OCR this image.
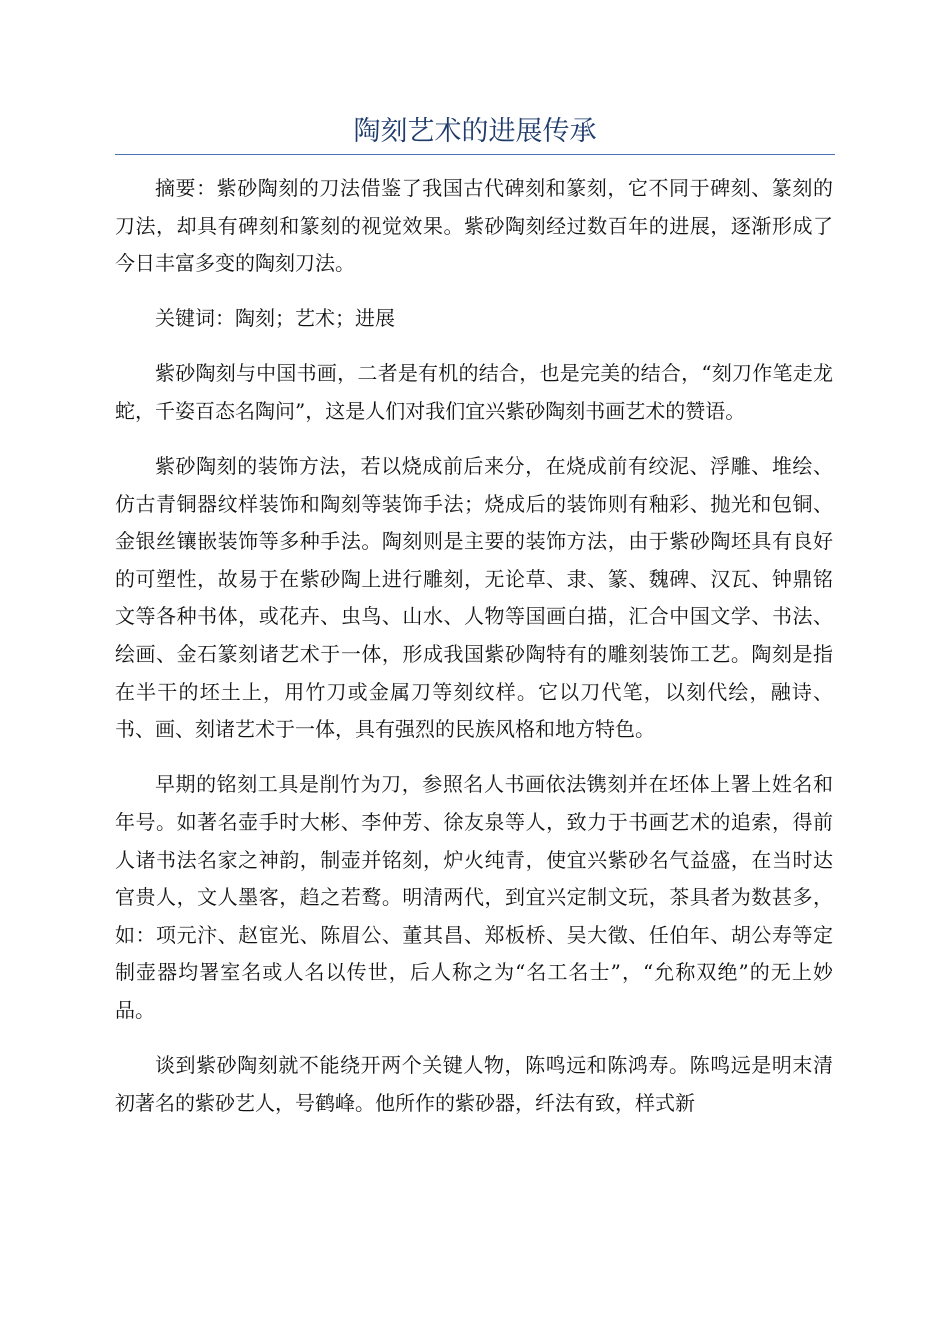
陶刻艺术的进展传承

摘要：紫砂陶刻的刀法借鉴了我国古代碑刻和篆刻，它不同于碑刻、篆刻的刀法，却具有碑刻和篆刻的视觉效果。紫砂陶刻经过数百年的进展，逐渐形成了今日丰富多变的陶刻刀法。

关键词：陶刻；艺术；进展

紫砂陶刻与中国书画，二者是有机的结合，也是完美的结合，“刻刀作笔走龙蛇，千姿百态名陶问”，这是人们对我们宜兴紫砂陶刻书画艺术的赞语。

紫砂陶刻的装饰方法，若以烧成前后来分，在烧成前有绞泥、浮雕、堆绘、仿古青铜器纹样装饰和陶刻等装饰手法；烧成后的装饰则有釉彩、抛光和包铜、金银丝镶嵌装饰等多种手法。陶刻则是主要的装饰方法，由于紫砂陶坯具有良好的可塑性，故易于在紫砂陶上进行雕刻，无论草、隶、篆、魏碑、汉瓦、钟鼎铭文等各种书体，或花卉、虫鸟、山水、人物等国画白描，汇合中国文学、书法、绘画、金石篆刻诸艺术于一体，形成我国紫砂陶特有的雕刻装饰工艺。陶刻是指在半干的坯土上，用竹刀或金属刀等刻纹样。它以刀代笔，以刻代绘，融诗、书、画、刻诸艺术于一体，具有强烈的民族风格和地方特色。

早期的铭刻工具是削竹为刀，参照名人书画依法镌刻并在坯体上署上姓名和年号。如著名壶手时大彬、李仲芳、徐友泉等人，致力于书画艺术的追索，得前人诸书法名家之神韵，制壶并铭刻，炉火纯青，使宜兴紫砂名气益盛，在当时达官贵人，文人墨客，趋之若鹜。明清两代，到宜兴定制文玩，茶具者为数甚多，如：项元汴、赵宦光、陈眉公、董其昌、郑板桥、吴大徵、任伯年、胡公寿等定制壶器均署室名或人名以传世，后人称之为“名工名士”，“允称双绝”的无上妙品。

谈到紫砂陶刻就不能绕开两个关键人物，陈鸣远和陈鸿寿。陈鸣远是明末清初著名的紫砂艺人，号鹤峰。他所作的紫砂器，纤法有致，样式新
